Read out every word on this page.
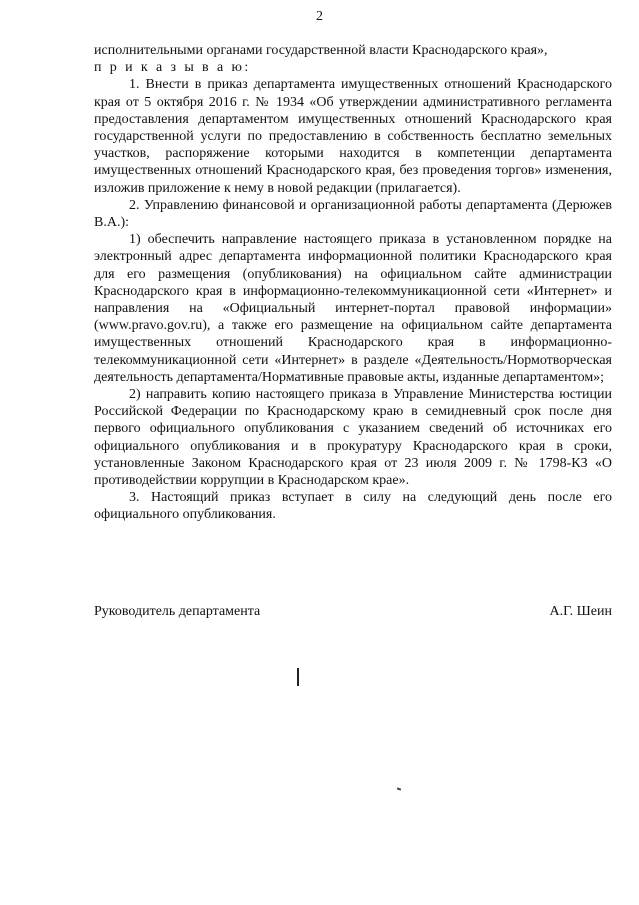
2

исполнительными органами государственной власти Краснодарского края»,

п р и к а з ы в а ю:

1. Внести в приказ департамента имущественных отношений Краснодарского края от 5 октября 2016 г. № 1934 «Об утверждении административного регламента предоставления департаментом имущественных отношений Краснодарского края государственной услуги по предоставлению в собственность бесплатно земельных участков, распоряжение которыми находится в компетенции департамента имущественных отношений Краснодарского края, без проведения торгов» изменения, изложив приложение к нему в новой редакции (прилагается).

2. Управлению финансовой и организационной работы департамента (Дерюжев В.А.):

1) обеспечить направление настоящего приказа в установленном порядке на электронный адрес департамента информационной политики Краснодарского края для его размещения (опубликования) на официальном сайте администрации Краснодарского края в информационно-телекоммуникационной сети «Интернет» и направления на «Официальный интернет-портал правовой информации» (www.pravo.gov.ru), а также его размещение на официальном сайте департамента имущественных отношений Краснодарского края в информационно-телекоммуникационной сети «Интернет» в разделе «Деятельность/Нормотворческая деятельность департамента/Нормативные правовые акты, изданные департаментом»;

2) направить копию настоящего приказа в Управление Министерства юстиции Российской Федерации по Краснодарскому краю в семидневный срок после дня первого официального опубликования с указанием сведений об источниках его официального опубликования и в прокуратуру Краснодарского края в сроки, установленные Законом Краснодарского края от 23 июля 2009 г. № 1798-КЗ «О противодействии коррупции в Краснодарском крае».

3. Настоящий приказ вступает в силу на следующий день после его официального опубликования.

Руководитель департамента	А.Г. Шеин
